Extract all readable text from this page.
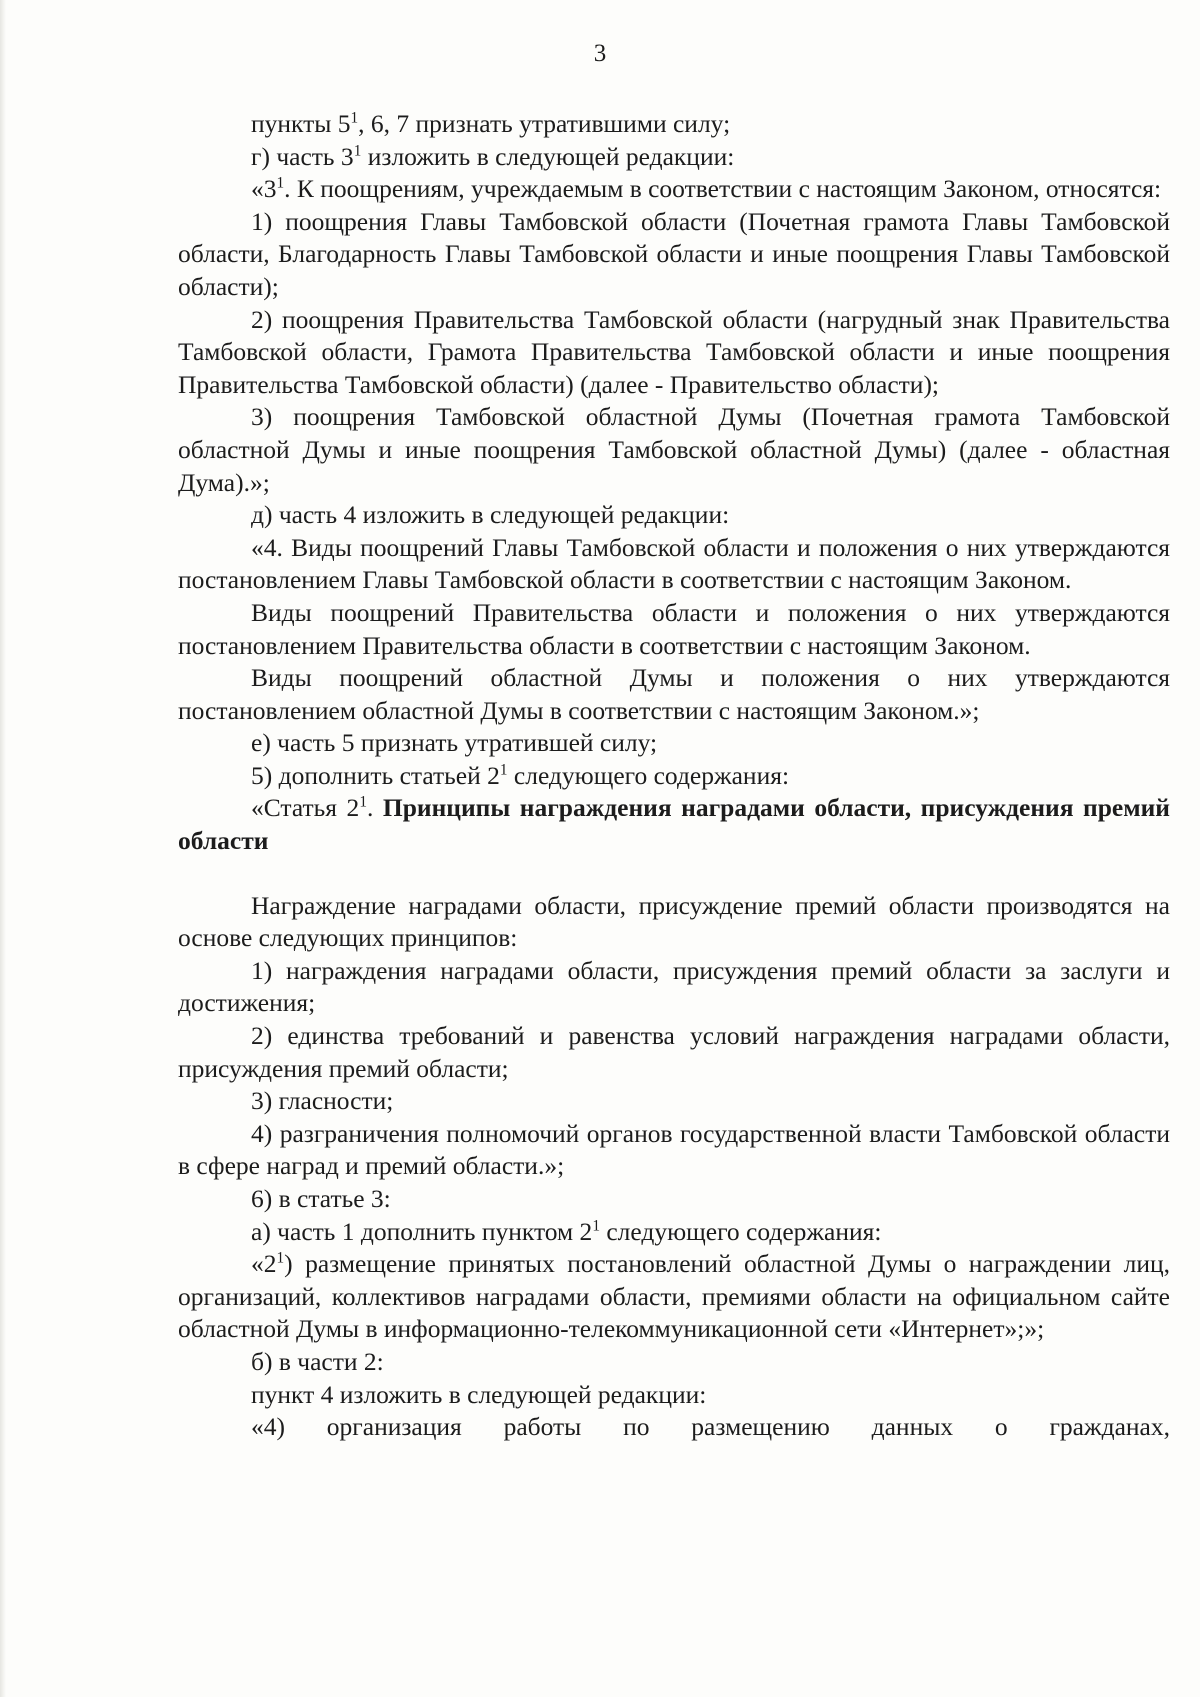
3

пункты $5^1$, 6, 7 признать утратившими силу;

г) часть $3^1$ изложить в следующей редакции:

«$3^1$. К поощрениям, учреждаемым в соответствии с настоящим Законом, относятся:

1) поощрения Главы Тамбовской области (Почетная грамота Главы Тамбовской области, Благодарность Главы Тамбовской области и иные поощрения Главы Тамбовской области);

2) поощрения Правительства Тамбовской области (нагрудный знак Правительства Тамбовской области, Грамота Правительства Тамбовской области и иные поощрения Правительства Тамбовской области) (далее - Правительство области);

3) поощрения Тамбовской областной Думы (Почетная грамота Тамбовской областной Думы и иные поощрения Тамбовской областной Думы) (далее - областная Дума).»;

д) часть 4 изложить в следующей редакции:

«4. Виды поощрений Главы Тамбовской области и положения о них утверждаются постановлением Главы Тамбовской области в соответствии с настоящим Законом.

Виды поощрений Правительства области и положения о них утверждаются постановлением Правительства области в соответствии с настоящим Законом.

Виды поощрений областной Думы и положения о них утверждаются постановлением областной Думы в соответствии с настоящим Законом.»;

е) часть 5 признать утратившей силу;

5) дополнить статьей $2^1$ следующего содержания:

«Статья $2^1$. Принципы награждения наградами области, присуждения премий области

Награждение наградами области, присуждение премий области производятся на основе следующих принципов:

1) награждения наградами области, присуждения премий области за заслуги и достижения;

2) единства требований и равенства условий награждения наградами области, присуждения премий области;

3) гласности;

4) разграничения полномочий органов государственной власти Тамбовской области в сфере наград и премий области.»;

6) в статье 3:

а) часть 1 дополнить пунктом $2^1$ следующего содержания:

«$2^1$) размещение принятых постановлений областной Думы о награждении лиц, организаций, коллективов наградами области, премиями области на официальном сайте областной Думы в информационно-телекоммуникационной сети «Интернет»;»;

б) в части 2:

пункт 4 изложить в следующей редакции:

«4) организация работы по размещению данных о гражданах,
